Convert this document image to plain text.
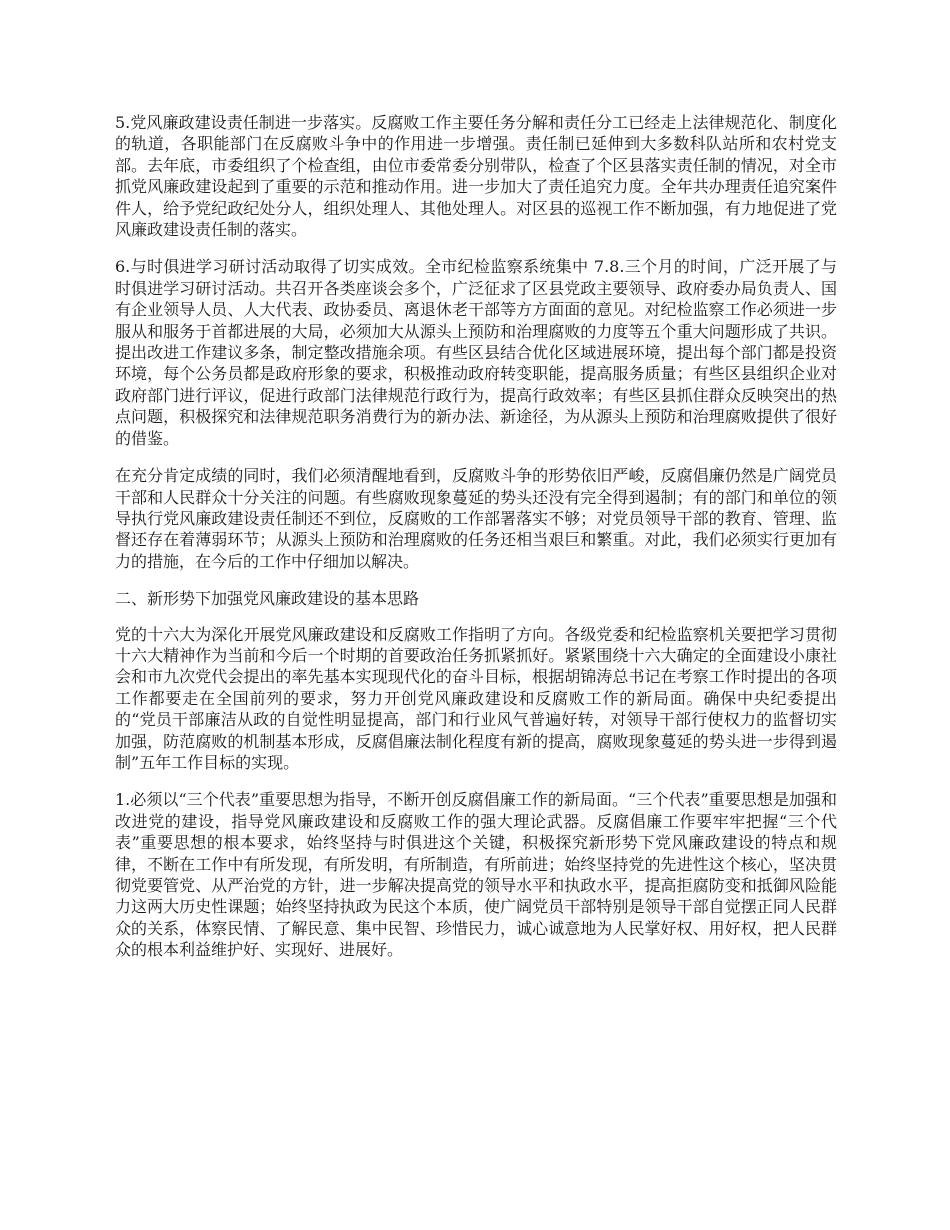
5.党风廉政建设责任制进一步落实。反腐败工作主要任务分解和责任分工已经走上法律规范化、制度化的轨道，各职能部门在反腐败斗争中的作用进一步增强。责任制已延伸到大多数科队站所和农村党支部。去年底，市委组织了个检查组，由位市委常委分别带队，检查了个区县落实责任制的情况，对全市抓党风廉政建设起到了重要的示范和推动作用。进一步加大了责任追究力度。全年共办理责任追究案件件人，给予党纪政纪处分人，组织处理人、其他处理人。对区县的巡视工作不断加强，有力地促进了党风廉政建设责任制的落实。

6.与时俱进学习研讨活动取得了切实成效。全市纪检监察系统集中 7.8.三个月的时间，广泛开展了与时俱进学习研讨活动。共召开各类座谈会多个，广泛征求了区县党政主要领导、政府委办局负责人、国有企业领导人员、人大代表、政协委员、离退休老干部等方方面面的意见。对纪检监察工作必须进一步服从和服务于首都进展的大局，必须加大从源头上预防和治理腐败的力度等五个重大问题形成了共识。提出改进工作建议多条，制定整改措施余项。有些区县结合优化区域进展环境，提出每个部门都是投资环境，每个公务员都是政府形象的要求，积极推动政府转变职能，提高服务质量；有些区县组织企业对政府部门进行评议，促进行政部门法律规范行政行为，提高行政效率；有些区县抓住群众反映突出的热点问题，积极探究和法律规范职务消费行为的新办法、新途径，为从源头上预防和治理腐败提供了很好的借鉴。

在充分肯定成绩的同时，我们必须清醒地看到，反腐败斗争的形势依旧严峻，反腐倡廉仍然是广阔党员干部和人民群众十分关注的问题。有些腐败现象蔓延的势头还没有完全得到遏制；有的部门和单位的领导执行党风廉政建设责任制还不到位，反腐败的工作部署落实不够；对党员领导干部的教育、管理、监督还存在着薄弱环节；从源头上预防和治理腐败的任务还相当艰巨和繁重。对此，我们必须实行更加有力的措施，在今后的工作中仔细加以解决。

二、新形势下加强党风廉政建设的基本思路

党的十六大为深化开展党风廉政建设和反腐败工作指明了方向。各级党委和纪检监察机关要把学习贯彻十六大精神作为当前和今后一个时期的首要政治任务抓紧抓好。紧紧围绕十六大确定的全面建设小康社会和市九次党代会提出的率先基本实现现代化的奋斗目标，根据胡锦涛总书记在考察工作时提出的各项工作都要走在全国前列的要求，努力开创党风廉政建设和反腐败工作的新局面。确保中央纪委提出的“党员干部廉洁从政的自觉性明显提高，部门和行业风气普遍好转，对领导干部行使权力的监督切实加强，防范腐败的机制基本形成，反腐倡廉法制化程度有新的提高，腐败现象蔓延的势头进一步得到遏制”五年工作目标的实现。

1.必须以“三个代表”重要思想为指导，不断开创反腐倡廉工作的新局面。“三个代表”重要思想是加强和改进党的建设，指导党风廉政建设和反腐败工作的强大理论武器。反腐倡廉工作要牢牢把握“三个代表”重要思想的根本要求，始终坚持与时俱进这个关键，积极探究新形势下党风廉政建设的特点和规律，不断在工作中有所发现，有所发明，有所制造，有所前进；始终坚持党的先进性这个核心，坚决贯彻党要管党、从严治党的方针，进一步解决提高党的领导水平和执政水平，提高拒腐防变和抵御风险能力这两大历史性课题；始终坚持执政为民这个本质，使广阔党员干部特别是领导干部自觉摆正同人民群众的关系，体察民情、了解民意、集中民智、珍惜民力，诚心诚意地为人民掌好权、用好权，把人民群众的根本利益维护好、实现好、进展好。
